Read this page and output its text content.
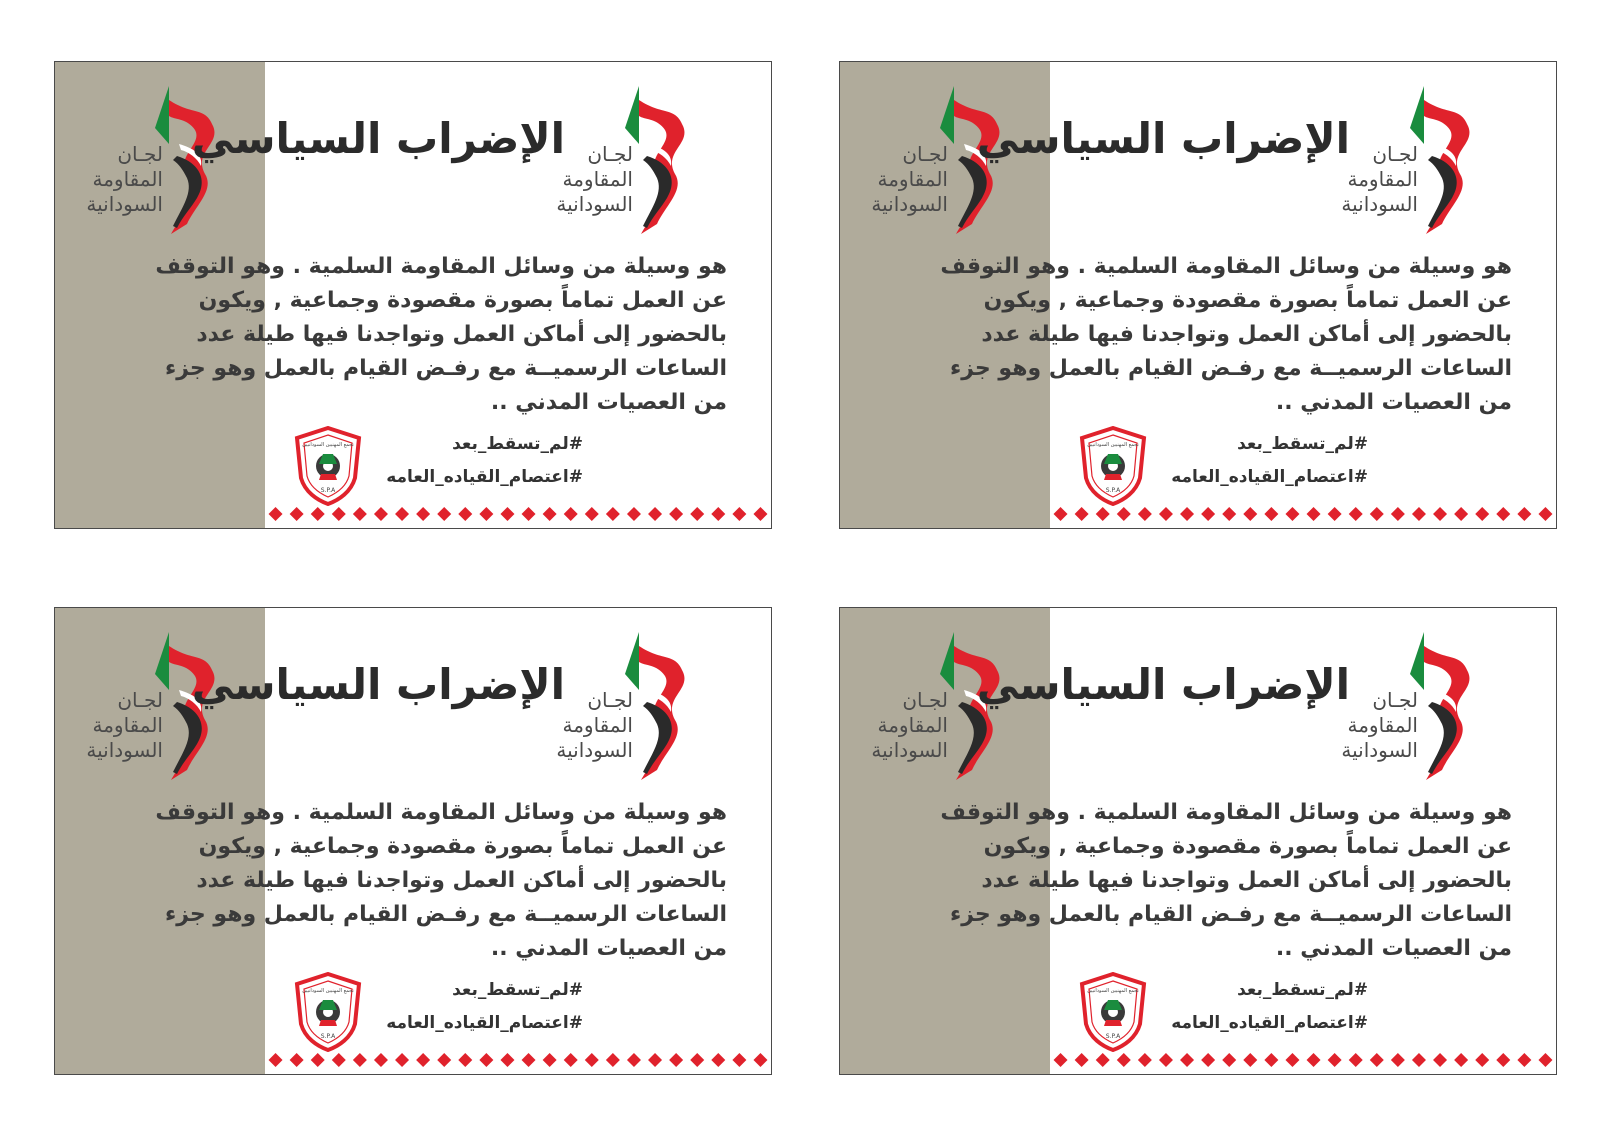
لجـان
المقاومة
السودانية
لجـان
المقاومة
السودانية
الإضراب السياسي
هو وسيلة من وسائل المقاومة السلمية . وهو التوقف
عن العمل تماماً بصورة مقصودة وجماعية , ويكون
بالحضور إلى أماكن العمل وتواجدنا فيها طيلة عدد
الساعات الرسميــة مع رفـض القيام بالعمل وهو جزء
من العصيات المدني ..
تجمع المهنيين السودانيين
S.P.A
#لم_تسقط_بعد
#اعتصام_القياده_العامه
لجـان
المقاومة
السودانية
لجـان
المقاومة
السودانية
الإضراب السياسي
هو وسيلة من وسائل المقاومة السلمية . وهو التوقف
عن العمل تماماً بصورة مقصودة وجماعية , ويكون
بالحضور إلى أماكن العمل وتواجدنا فيها طيلة عدد
الساعات الرسميــة مع رفـض القيام بالعمل وهو جزء
من العصيات المدني ..
تجمع المهنيين السودانيين
S.P.A
#لم_تسقط_بعد
#اعتصام_القياده_العامه
لجـان
المقاومة
السودانية
لجـان
المقاومة
السودانية
الإضراب السياسي
هو وسيلة من وسائل المقاومة السلمية . وهو التوقف
عن العمل تماماً بصورة مقصودة وجماعية , ويكون
بالحضور إلى أماكن العمل وتواجدنا فيها طيلة عدد
الساعات الرسميــة مع رفـض القيام بالعمل وهو جزء
من العصيات المدني ..
تجمع المهنيين السودانيين
S.P.A
#لم_تسقط_بعد
#اعتصام_القياده_العامه
لجـان
المقاومة
السودانية
لجـان
المقاومة
السودانية
الإضراب السياسي
هو وسيلة من وسائل المقاومة السلمية . وهو التوقف
عن العمل تماماً بصورة مقصودة وجماعية , ويكون
بالحضور إلى أماكن العمل وتواجدنا فيها طيلة عدد
الساعات الرسميــة مع رفـض القيام بالعمل وهو جزء
من العصيات المدني ..
تجمع المهنيين السودانيين
S.P.A
#لم_تسقط_بعد
#اعتصام_القياده_العامه
